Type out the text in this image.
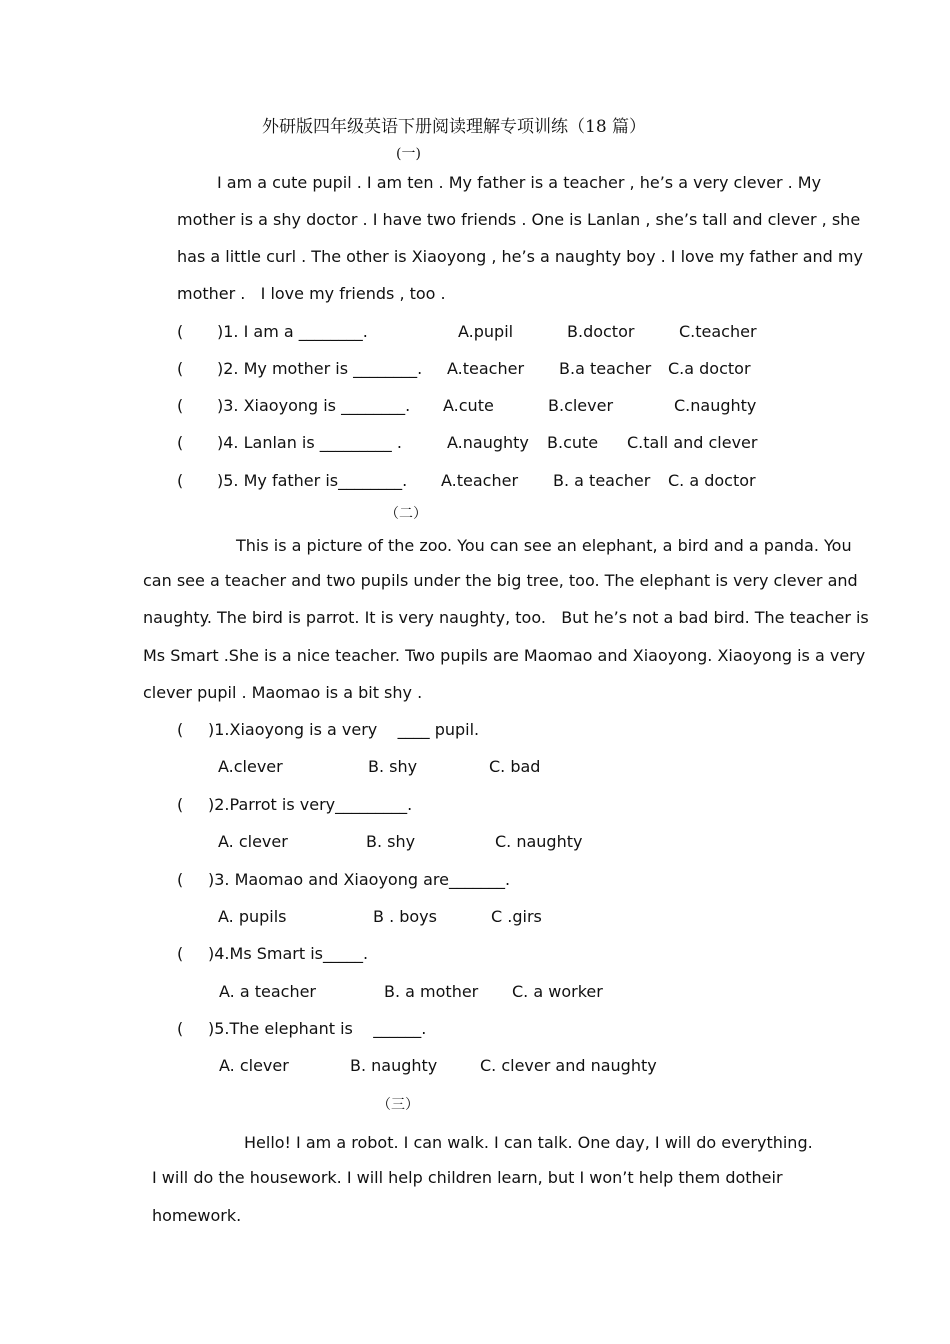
外研版四年级英语下册阅读理解专项训练（18 篇）
(一)
I am a cute pupil . I am ten . My father is a teacher , he’s a very clever . My
mother is a shy doctor . I have two friends . One is Lanlan , she’s tall and clever , she
has a little curl . The other is Xiaoyong , he’s a naughty boy . I love my father and my
mother .   I love my friends , too .
( )1. I am a ________.	A.pupil	B.doctor	C.teacher
( )2. My mother is ________. A.teacher B.a teacher C.a doctor
( )3. Xiaoyong is ________. A.cute	B.clever	C.naughty
( )4. Lanlan is _________ .	A.naughty B.cute C.tall and clever
( )5. My father is________. A.teacher B. a teacher C. a doctor
（二）
This is a picture of the zoo. You can see an elephant, a bird and a panda. You
can see a teacher and two pupils under the big tree, too. The elephant is very clever and
naughty. The bird is parrot. It is very naughty, too.   But he’s not a bad bird. The teacher is
Ms Smart .She is a nice teacher. Two pupils are Maomao and Xiaoyong. Xiaoyong is a very
clever pupil . Maomao is a bit shy .
( )1.Xiaoyong is a very    ____ pupil.
A.clever	B. shy	C. bad
( )2.Parrot is very_________.
A. clever	B. shy	C. naughty
( )3. Maomao and Xiaoyong are_______.
A. pupils	B . boys	C .girs
( )4.Ms Smart is_____.
A. a teacher	B. a mother C. a worker
( )5.The elephant is    ______.
A. clever	B. naughty	C. clever and naughty
（三）
Hello! I am a robot. I can walk. I can talk. One day, I will do everything.
I will do the housework. I will help children learn, but I won’t help them dotheir
homework.
